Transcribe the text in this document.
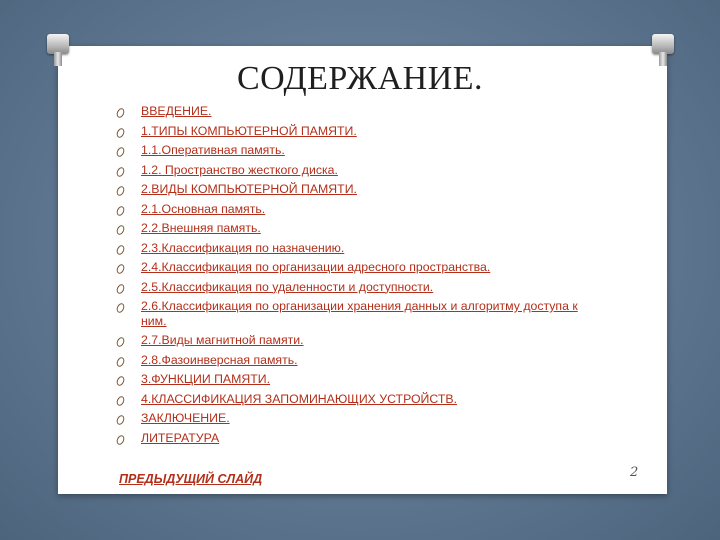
СОДЕРЖАНИЕ.
ВВЕДЕНИЕ.
1.ТИПЫ КОМПЬЮТЕРНОЙ ПАМЯТИ.
1.1.Оперативная память.
1.2. Пространство жесткого диска.
2.ВИДЫ КОМПЬЮТЕРНОЙ ПАМЯТИ.
2.1.Основная память.
2.2.Внешняя память.
2.3.Классификация по назначению.
2.4.Классификация по организации адресного пространства.
2.5.Классификация по удаленности и доступности.
2.6.Классификация по организации хранения данных и алгоритму доступа к ним.
2.7.Виды магнитной памяти.
2.8.Фазоинверсная память.
3.ФУНКЦИИ ПАМЯТИ.
4.КЛАССИФИКАЦИЯ ЗАПОМИНАЮЩИХ УСТРОЙСТВ.
ЗАКЛЮЧЕНИЕ.
ЛИТЕРАТУРА
ПРЕДЫДУЩИЙ СЛАЙД	2
